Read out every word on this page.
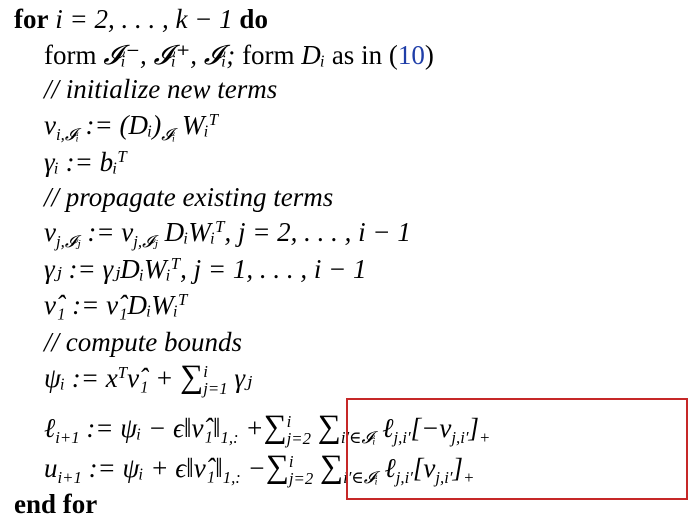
for i = 2, . . . , k − 1 do
form 𝓘ᵢ⁻, 𝓘ᵢ⁺, 𝓘ᵢ; form Dᵢ as in (10)
// initialize new terms
$\nu_{i,𝓘ᵢ}$ := $(Dᵢ)_{𝓘ᵢ}$ Wᵢ$^T$
γᵢ := bᵢ$^T$
// propagate existing terms
$\nu_{j,𝓘ⱼ}$ := $\nu_{j,𝓘ⱼ}$ DᵢWᵢ$^T$, j = 2, . . . , i − 1
γⱼ := γⱼDᵢWᵢ$^T$, j = 1, . . . , i − 1
ν̂₁ := ν̂₁DᵢWᵢ$^T$
// compute bounds
ψᵢ := $x^T\nû_1$ + ∑ i
j=1 γⱼ
ℓ$_{i+1}$ := ψᵢ − $\epsilon‖\nû_1‖_{1,:}$ +∑ i
j=2 $\sum_{i'\in 𝓘ᵢ}$ $\ell_{j,i'}[-\nu_{j,i'}]_+$
$u_{i+1}$ := ψᵢ + $\epsilon‖\nû_1‖_{1,:}$ −∑ i
j=2 $\sum_{i'\in 𝓘ᵢ}$ $\ell_{j,i'}[\nu_{j,i'}]_+$
end for
